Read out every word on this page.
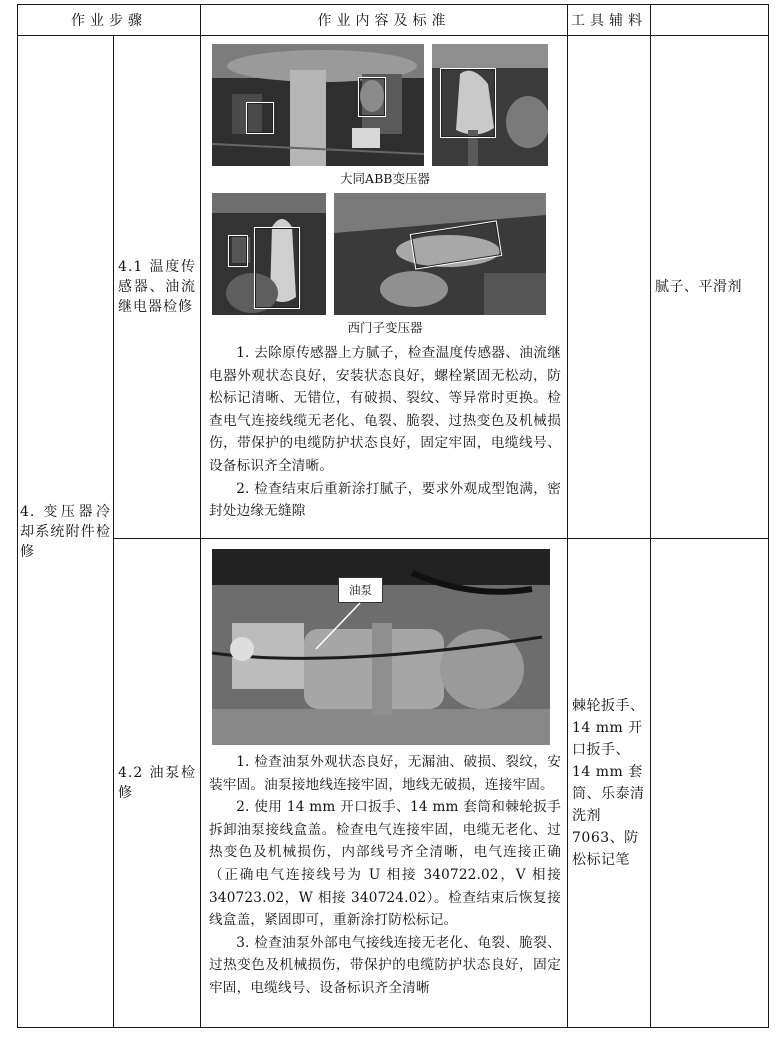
作业步骤		作业内容及标准	工具辅料	

4. 变压器冷却系统附件检修	4.1 温度传感器、油流继电器检修	大同ABB变压器
西门子变压器

1. 去除原传感器上方腻子，检查温度传感器、油流继电器外观状态良好，安装状态良好，螺栓紧固无松动，防松标记清晰、无错位，有破损、裂纹、等异常时更换。检查电气连接线缆无老化、龟裂、脆裂、过热变色及机械损伤，带保护的电缆防护状态良好，固定牢固，电缆线号、设备标识齐全清晰。

2. 检查结束后重新涂打腻子，要求外观成型饱满，密封处边缘无缝隙		腻子、平滑剂
	4.2 油泵检修	油泵

1. 检查油泵外观状态良好，无漏油、破损、裂纹，安装牢固。油泵接地线连接牢固，地线无破损，连接牢固。

2. 使用 14 mm 开口扳手、14 mm 套筒和棘轮扳手拆卸油泵接线盒盖。检查电气连接牢固，电缆无老化、过热变色及机械损伤，内部线号齐全清晰，电气连接正确（正确电气连接线号为 U 相接 340722.02，V 相接 340723.02，W 相接 340724.02）。检查结束后恢复接线盒盖，紧固即可，重新涂打防松标记。

3. 检查油泵外部电气接线连接无老化、龟裂、脆裂、过热变色及机械损伤，带保护的电缆防护状态良好，固定牢固，电缆线号、设备标识齐全清晰	棘轮扳手、14 mm 开口扳手、14 mm 套筒、乐泰清洗剂 7063、防松标记笔	
